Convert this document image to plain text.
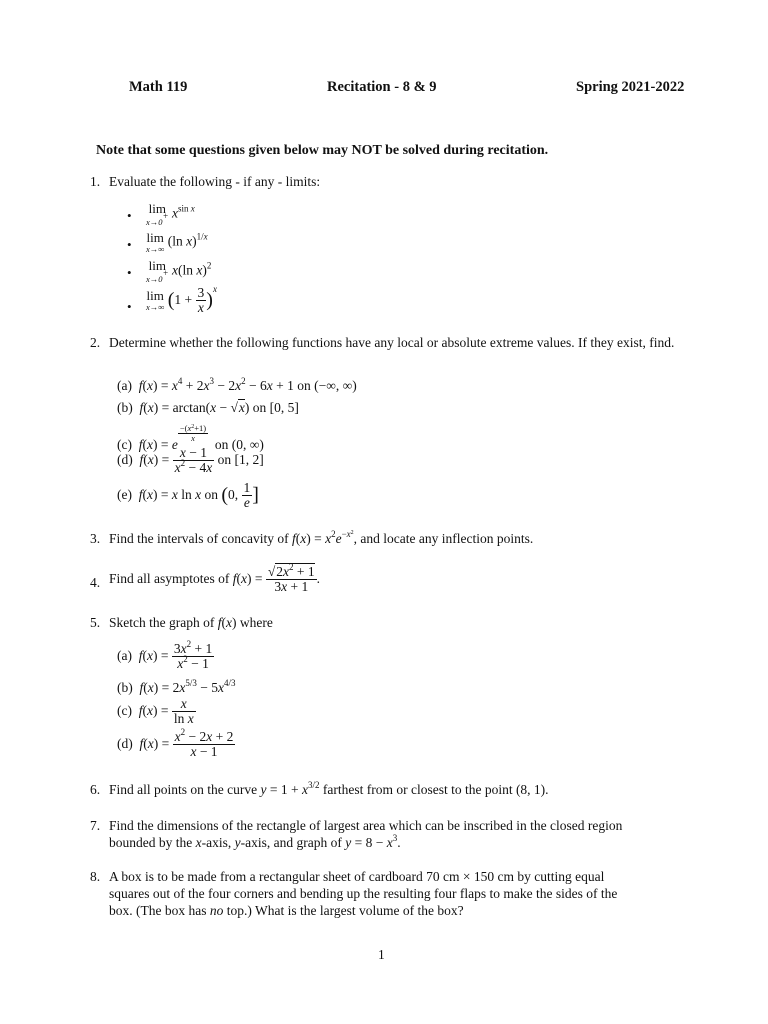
Math 119	Recitation - 8 & 9	Spring 2021-2022
Note that some questions given below may NOT be solved during recitation.
1. Evaluate the following - if any - limits:
• lim
x→0+ $x^{sin x}$
• lim
x→∞
(ln x)$^{1/x}$
• lim
x→0+ x(ln x)$^2$
•
lim
x→∞ $(1 + \frac{3}{x} )^x$
2. Determine whether the following functions have any local or absolute extreme values. If they exist, find.
(a) $f(x) = x^4 + 2x^3 - 2x^2 - 6x + 1$ on (−∞, ∞)
(b) f(x) = arctan(x − √x) on [0, 5]
(c) f(x) = e
$\frac{-(x^2+1)}{x}$
on (0, ∞)
(d) $f(x) = \frac{x - 1}{x^2 - 4x}$ on [1, 2]
(e) f(x) = x ln x on (0, $\frac{1}{e}$ ]
3. Find the intervals of concavity of $f(x) = x^2e^{-x^2}$, and locate any inflection points.
4. Find all asymptotes of $f(x) = \frac{√2x^2 + 1}{3x + 1}$ .
5. Sketch the graph of f(x) where
(a) $f(x) = \frac{3x^2 + 1}{x^2 - 1}$
(b) $f(x) = 2x^{5/3} - 5x^{4/3}$
(c) $f(x) = \frac{x}{\text{ln x}}$
(d) $f(x) = \frac{x^2 - 2x + 2}{x - 1}$
6. Find all points on the curve $y = 1 + x^{3/2}$ farthest from or closest to the point (8, 1).
7. Find the dimensions of the rectangle of largest area which can be inscribed in the closed region
bounded by the x-axis, y-axis, and graph of $y = 8 - x^3$.
8. A box is to be made from a rectangular sheet of cardboard 70 cm × 150 cm by cutting equal
squares out of the four corners and bending up the resulting four flaps to make the sides of the
box. (The box has no top.) What is the largest volume of the box?
1
